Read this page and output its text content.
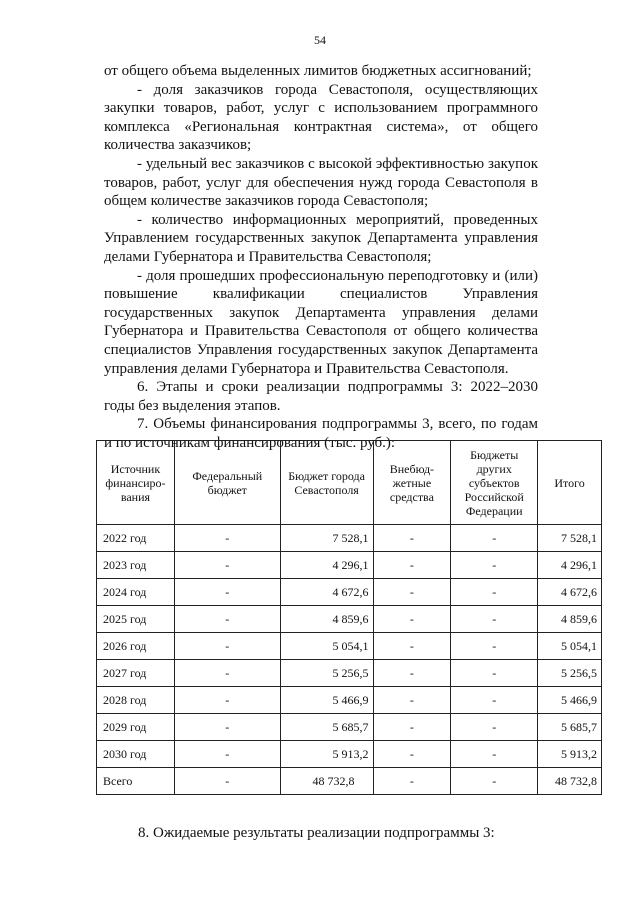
54

от общего объема выделенных лимитов бюджетных ассигнований;

- доля заказчиков города Севастополя, осуществляющих закупки товаров, работ, услуг с использованием программного комплекса «Региональная контрактная система», от общего количества заказчиков;

- удельный вес заказчиков с высокой эффективностью закупок товаров, работ, услуг для обеспечения нужд города Севастополя в общем количестве заказчиков города Севастополя;

- количество информационных мероприятий, проведенных Управлением государственных закупок Департамента управления делами Губернатора и Правительства Севастополя;

- доля прошедших профессиональную переподготовку и (или) повышение квалификации специалистов Управления государственных закупок Департамента управления делами Губернатора и Правительства Севастополя от общего количества специалистов Управления государственных закупок Департамента управления делами Губернатора и Правительства Севастополя.

6. Этапы и сроки реализации подпрограммы 3: 2022–2030 годы без выделения этапов.

7. Объемы финансирования подпрограммы 3, всего, по годам и по источникам финансирования (тыс. руб.):

Источник финансиро-вания	Федеральный бюджет	Бюджет города Севастополя	Внебюд-жетные средства	Бюджеты других субъектов Российской Федерации	Итого
2022 год	-	7 528,1	-	-	7 528,1
2023 год	-	4 296,1	-	-	4 296,1
2024 год	-	4 672,6	-	-	4 672,6
2025 год	-	4 859,6	-	-	4 859,6
2026 год	-	5 054,1	-	-	5 054,1
2027 год	-	5 256,5	-	-	5 256,5
2028 год	-	5 466,9	-	-	5 466,9
2029 год	-	5 685,7	-	-	5 685,7
2030 год	-	5 913,2	-	-	5 913,2
Всего	-	48 732,8	-	-	48 732,8
8. Ожидаемые результаты реализации подпрограммы 3:
